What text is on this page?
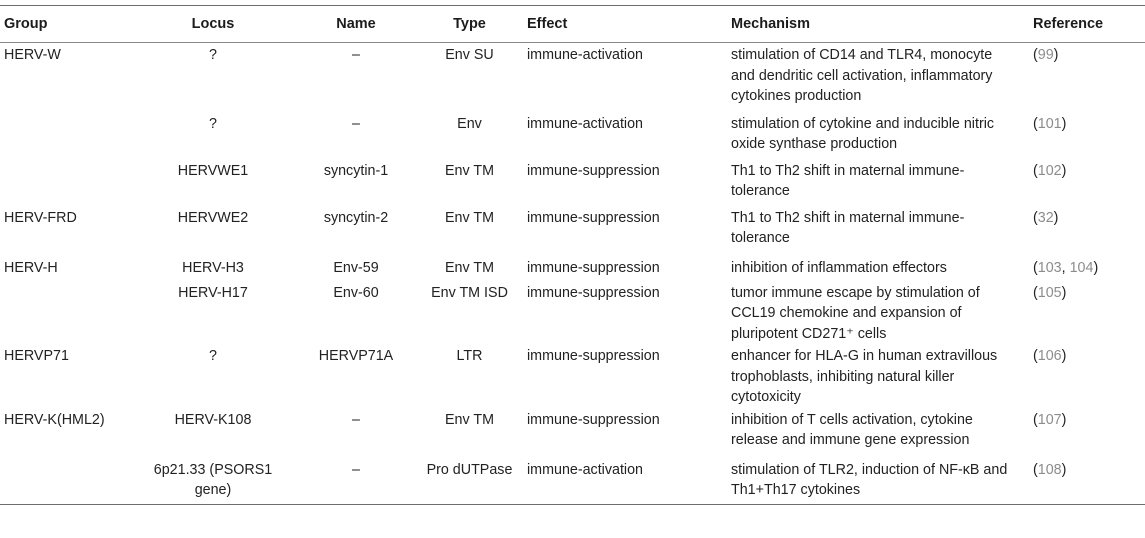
Group	Locus	Name	Type	Effect	Mechanism	Reference
HERV-W	?	–	Env SU	immune-activation	stimulation of CD14 and TLR4, monocyte and dendritic cell activation, inflammatory cytokines production	(99)
	?	–	Env	immune-activation	stimulation of cytokine and inducible nitric oxide synthase production	(101)
	HERVWE1	syncytin-1	Env TM	immune-suppression	Th1 to Th2 shift in maternal immune-tolerance	(102)
HERV-FRD	HERVWE2	syncytin-2	Env TM	immune-suppression	Th1 to Th2 shift in maternal immune-tolerance	(32)
HERV-H	HERV-H3	Env-59	Env TM	immune-suppression	inhibition of inflammation effectors	(103, 104)
	HERV-H17	Env-60	Env TM ISD	immune-suppression	tumor immune escape by stimulation of CCL19 chemokine and expansion of pluripotent CD271⁺ cells	(105)
HERVP71	?	HERVP71A	LTR	immune-suppression	enhancer for HLA-G in human extravillous trophoblasts, inhibiting natural killer cytotoxicity	(106)
HERV-K(HML2)	HERV-K108	–	Env TM	immune-suppression	inhibition of T cells activation, cytokine release and immune gene expression	(107)
	6p21.33 (PSORS1 gene)	–	Pro dUTPase	immune-activation	stimulation of TLR2, induction of NF-κB and Th1+Th17 cytokines	(108)
